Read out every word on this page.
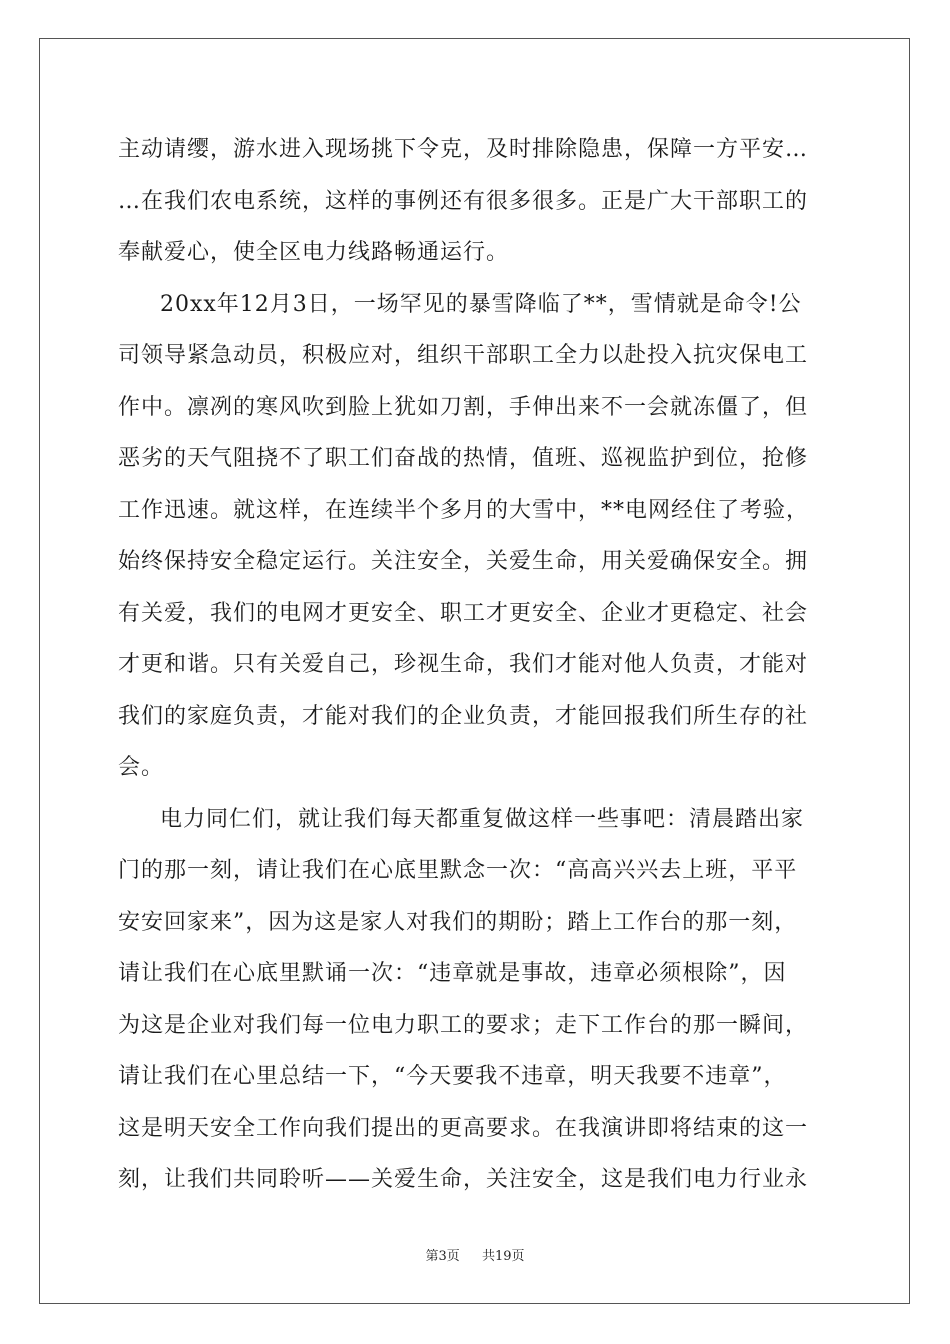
主动请缨，游水进入现场挑下令克，及时排除隐患，保障一方平安…
…在我们农电系统，这样的事例还有很多很多。正是广大干部职工的
奉献爱心，使全区电力线路畅通运行。
20xx年12月3日，一场罕见的暴雪降临了**，雪情就是命令!公
司领导紧急动员，积极应对，组织干部职工全力以赴投入抗灾保电工
作中。凛冽的寒风吹到脸上犹如刀割，手伸出来不一会就冻僵了，但
恶劣的天气阻挠不了职工们奋战的热情，值班、巡视监护到位，抢修
工作迅速。就这样，在连续半个多月的大雪中，**电网经住了考验，
始终保持安全稳定运行。关注安全，关爱生命，用关爱确保安全。拥
有关爱，我们的电网才更安全、职工才更安全、企业才更稳定、社会
才更和谐。只有关爱自己，珍视生命，我们才能对他人负责，才能对
我们的家庭负责，才能对我们的企业负责，才能回报我们所生存的社
会。
电力同仁们，就让我们每天都重复做这样一些事吧：清晨踏出家
门的那一刻，请让我们在心底里默念一次：“高高兴兴去上班，平平
安安回家来”，因为这是家人对我们的期盼；踏上工作台的那一刻，
请让我们在心底里默诵一次：“违章就是事故，违章必须根除”，因
为这是企业对我们每一位电力职工的要求；走下工作台的那一瞬间，
请让我们在心里总结一下，“今天要我不违章，明天我要不违章”，
这是明天安全工作向我们提出的更高要求。在我演讲即将结束的这一
刻，让我们共同聆听——关爱生命，关注安全，这是我们电力行业永
第3页 共19页
